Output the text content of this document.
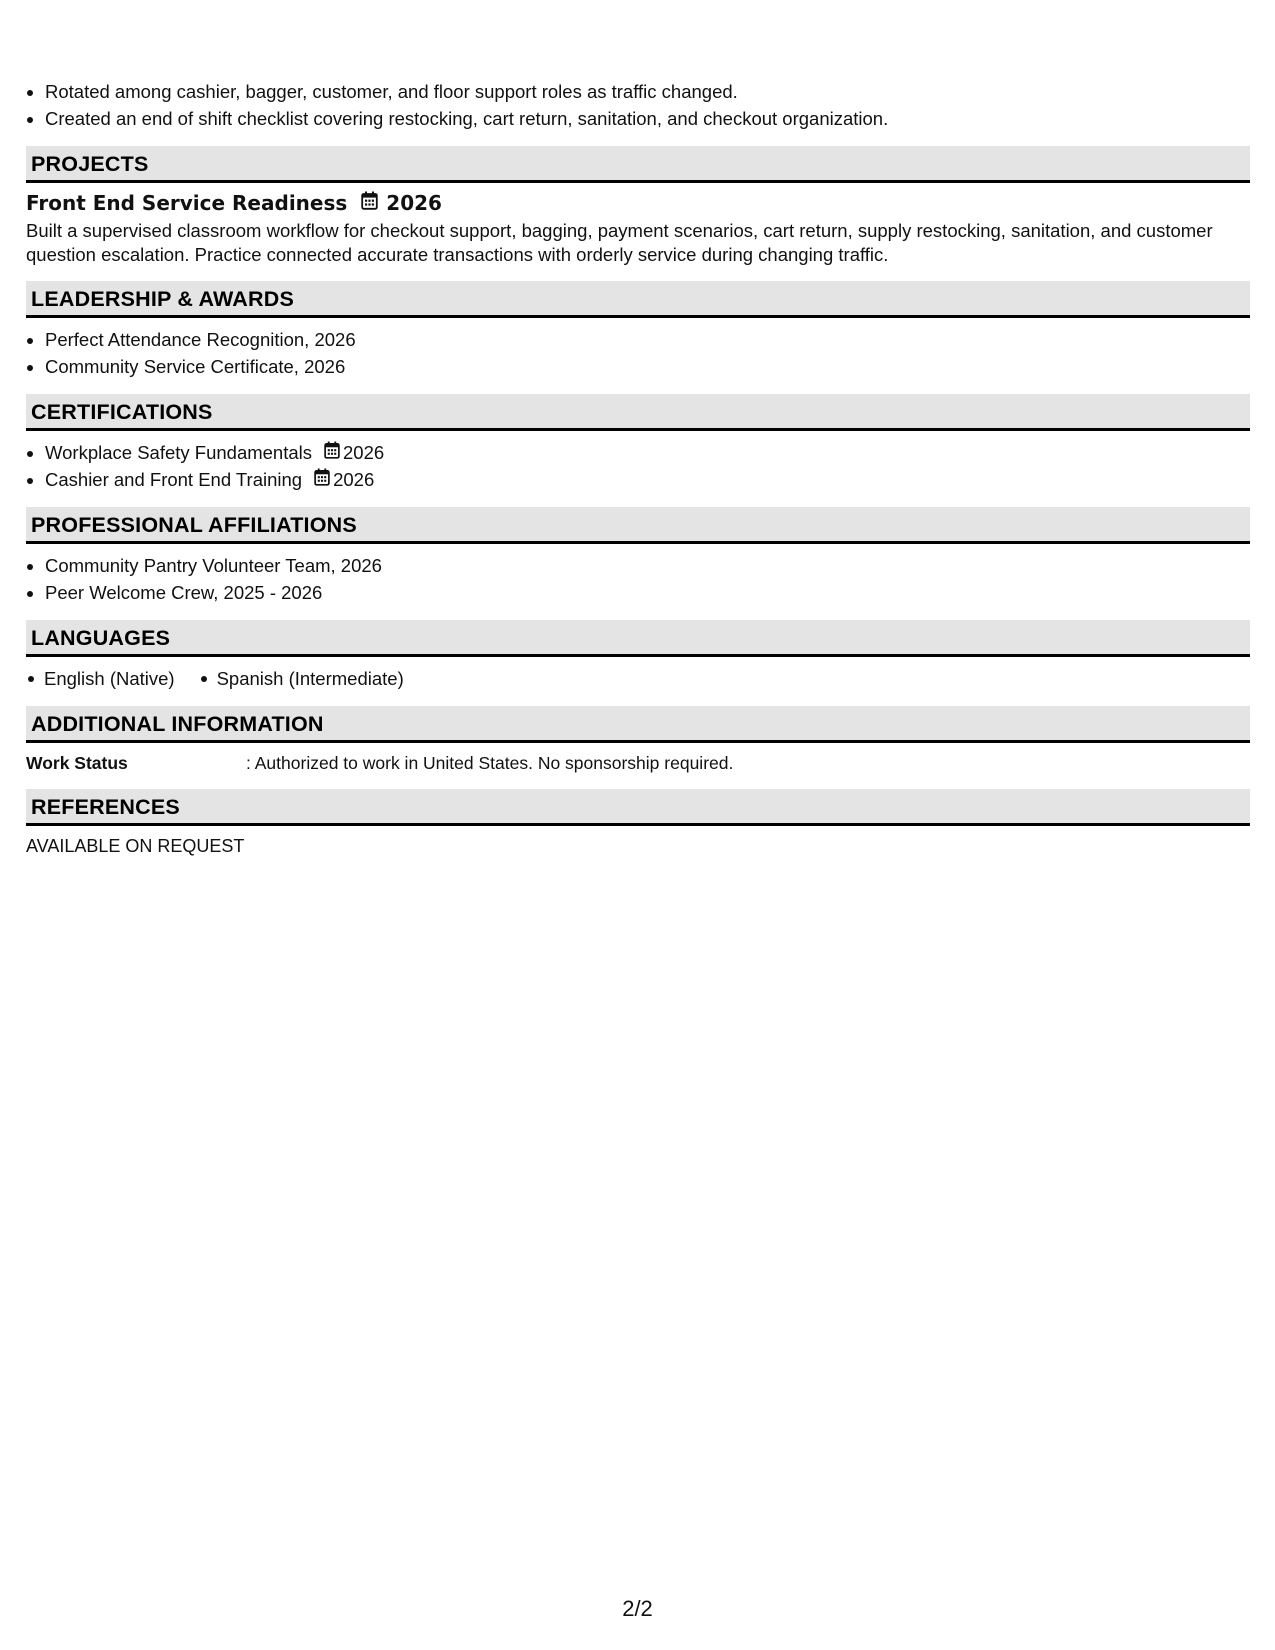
• Rotated among cashier, bagger, customer, and floor support roles as traffic changed.
• Created an end of shift checklist covering restocking, cart return, sanitation, and checkout organization.
PROJECTS
Front End Service Readiness 2026
Built a supervised classroom workflow for checkout support, bagging, payment scenarios, cart return, supply restocking, sanitation, and customer question escalation. Practice connected accurate transactions with orderly service during changing traffic.
LEADERSHIP & AWARDS
• Perfect Attendance Recognition, 2026
• Community Service Certificate, 2026
CERTIFICATIONS
• Workplace Safety Fundamentals 2026
• Cashier and Front End Training 2026
PROFESSIONAL AFFILIATIONS
• Community Pantry Volunteer Team, 2026
• Peer Welcome Crew, 2025 - 2026
LANGUAGES
English (Native)	Spanish (Intermediate)
ADDITIONAL INFORMATION
Work Status	: Authorized to work in United States. No sponsorship required.
REFERENCES
AVAILABLE ON REQUEST
2/2
